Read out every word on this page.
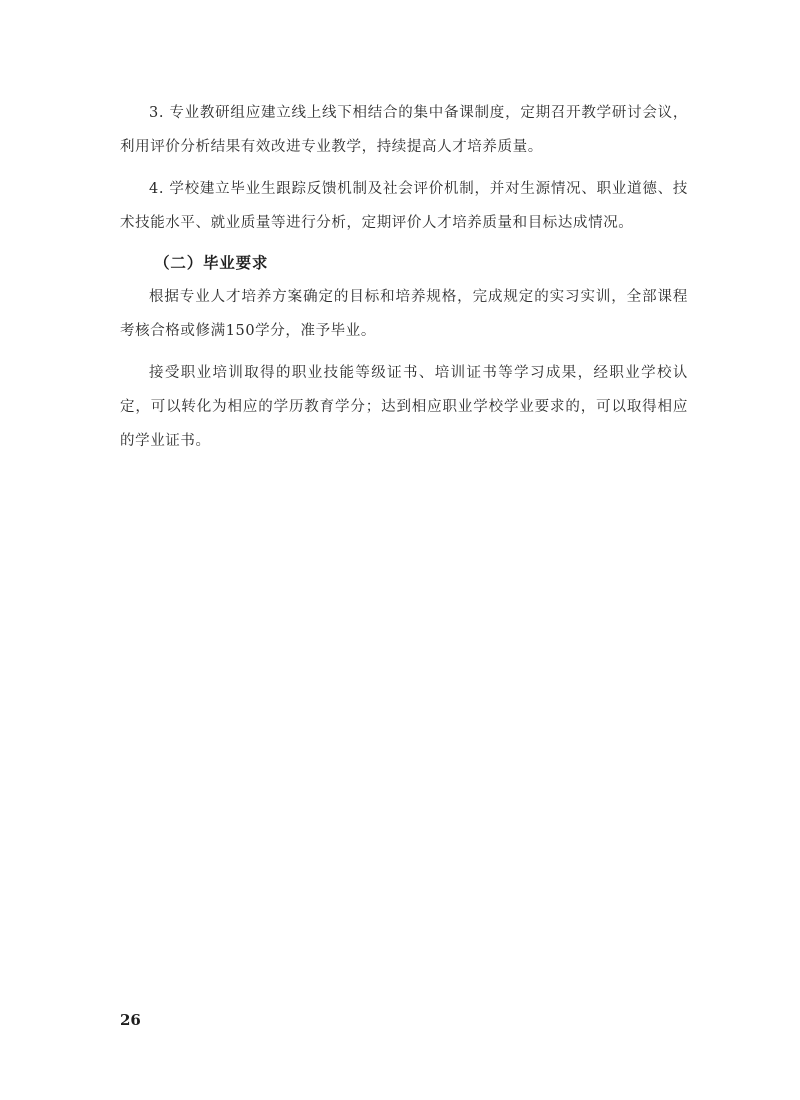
3. 专业教研组应建立线上线下相结合的集中备课制度，定期召开教学研讨会议，利用评价分析结果有效改进专业教学，持续提高人才培养质量。

4. 学校建立毕业生跟踪反馈机制及社会评价机制，并对生源情况、职业道德、技术技能水平、就业质量等进行分析，定期评价人才培养质量和目标达成情况。

（二）毕业要求

根据专业人才培养方案确定的目标和培养规格，完成规定的实习实训，全部课程考核合格或修满150学分，准予毕业。

接受职业培训取得的职业技能等级证书、培训证书等学习成果，经职业学校认定，可以转化为相应的学历教育学分；达到相应职业学校学业要求的，可以取得相应的学业证书。

26
